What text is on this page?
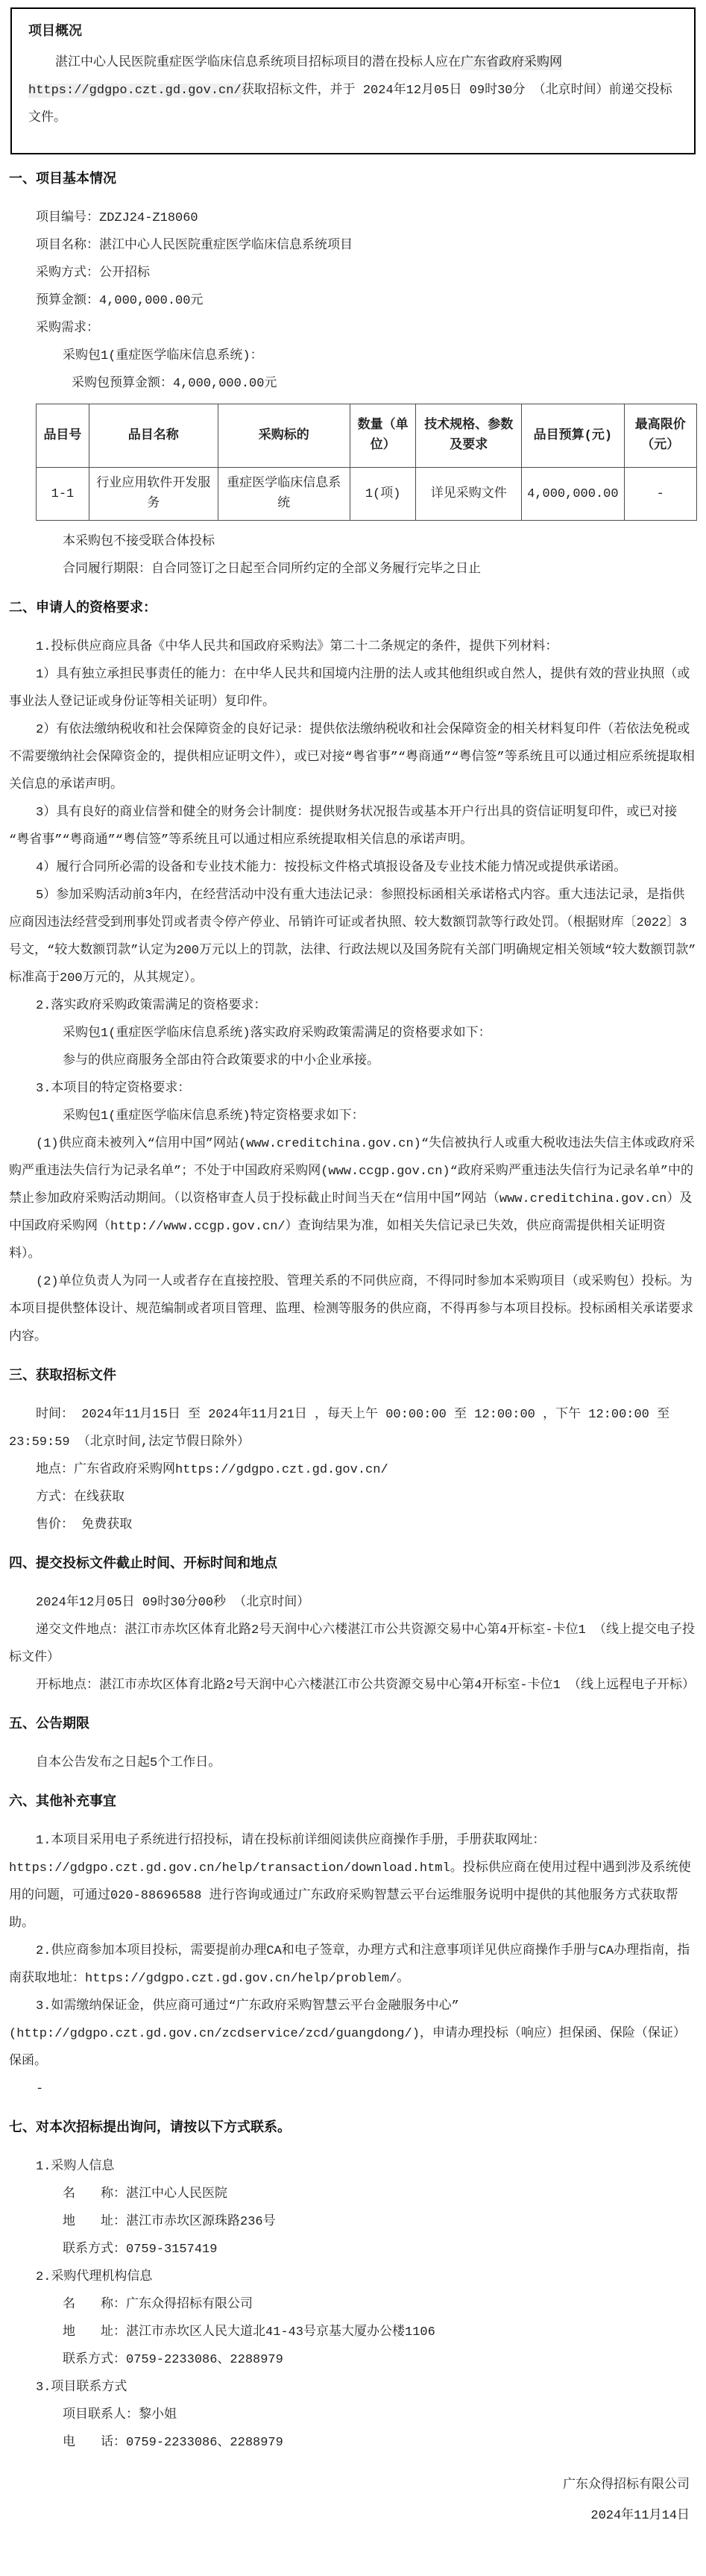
项目概况

湛江中心人民医院重症医学临床信息系统项目招标项目的潜在投标人应在广东省政府采购网https://gdgpo.czt.gd.gov.cn/获取招标文件，并于 2024年12月05日 09时30分 （北京时间）前递交投标文件。

一、项目基本情况

项目编号：ZDZJ24-Z18060

项目名称：湛江中心人民医院重症医学临床信息系统项目

采购方式：公开招标

预算金额：4,000,000.00元

采购需求：

采购包1(重症医学临床信息系统)：

采购包预算金额：4,000,000.00元

品目号	品目名称	采购标的	数量（单位）	技术规格、参数及要求	品目预算(元)	最高限价（元）
1-1	行业应用软件开发服务	重症医学临床信息系统	1(项)	详见采购文件	4,000,000.00	-

本采购包不接受联合体投标

合同履行期限：自合同签订之日起至合同所约定的全部义务履行完毕之日止

二、申请人的资格要求：

1.投标供应商应具备《中华人民共和国政府采购法》第二十二条规定的条件，提供下列材料：

1）具有独立承担民事责任的能力：在中华人民共和国境内注册的法人或其他组织或自然人，提供有效的营业执照（或事业法人登记证或身份证等相关证明）复印件。

2）有依法缴纳税收和社会保障资金的良好记录：提供依法缴纳税收和社会保障资金的相关材料复印件（若依法免税或不需要缴纳社会保障资金的，提供相应证明文件），或已对接“粤省事”“粤商通”“粤信签”等系统且可以通过相应系统提取相关信息的承诺声明。

3）具有良好的商业信誉和健全的财务会计制度：提供财务状况报告或基本开户行出具的资信证明复印件，或已对接“粤省事”“粤商通”“粤信签”等系统且可以通过相应系统提取相关信息的承诺声明。

4）履行合同所必需的设备和专业技术能力：按投标文件格式填报设备及专业技术能力情况或提供承诺函。

5）参加采购活动前3年内，在经营活动中没有重大违法记录：参照投标函相关承诺格式内容。重大违法记录，是指供应商因违法经营受到刑事处罚或者责令停产停业、吊销许可证或者执照、较大数额罚款等行政处罚。（根据财库〔2022〕3号文，“较大数额罚款”认定为200万元以上的罚款，法律、行政法规以及国务院有关部门明确规定相关领域“较大数额罚款”标准高于200万元的，从其规定）。

2.落实政府采购政策需满足的资格要求：

采购包1(重症医学临床信息系统)落实政府采购政策需满足的资格要求如下：

参与的供应商服务全部由符合政策要求的中小企业承接。

3.本项目的特定资格要求：

采购包1(重症医学临床信息系统)特定资格要求如下：

(1)供应商未被列入“信用中国”网站(www.creditchina.gov.cn)“失信被执行人或重大税收违法失信主体或政府采购严重违法失信行为记录名单”；不处于中国政府采购网(www.ccgp.gov.cn)“政府采购严重违法失信行为记录名单”中的禁止参加政府采购活动期间。（以资格审查人员于投标截止时间当天在“信用中国”网站（www.creditchina.gov.cn）及中国政府采购网（http://www.ccgp.gov.cn/）查询结果为准，如相关失信记录已失效，供应商需提供相关证明资料）。

(2)单位负责人为同一人或者存在直接控股、管理关系的不同供应商，不得同时参加本采购项目（或采购包）投标。为本项目提供整体设计、规范编制或者项目管理、监理、检测等服务的供应商，不得再参与本项目投标。投标函相关承诺要求内容。

三、获取招标文件

时间： 2024年11月15日 至 2024年11月21日 ，每天上午 00:00:00 至 12:00:00 ，下午 12:00:00 至 23:59:59 （北京时间,法定节假日除外）

地点：广东省政府采购网https://gdgpo.czt.gd.gov.cn/

方式：在线获取

售价： 免费获取

四、提交投标文件截止时间、开标时间和地点

2024年12月05日 09时30分00秒 （北京时间）

递交文件地点：湛江市赤坎区体育北路2号天润中心六楼湛江市公共资源交易中心第4开标室-卡位1 （线上提交电子投标文件）

开标地点：湛江市赤坎区体育北路2号天润中心六楼湛江市公共资源交易中心第4开标室-卡位1 （线上远程电子开标）

五、公告期限

自本公告发布之日起5个工作日。

六、其他补充事宜

1.本项目采用电子系统进行招投标，请在投标前详细阅读供应商操作手册，手册获取网址：https://gdgpo.czt.gd.gov.cn/help/transaction/download.html。投标供应商在使用过程中遇到涉及系统使用的问题，可通过020-88696588 进行咨询或通过广东政府采购智慧云平台运维服务说明中提供的其他服务方式获取帮助。

2.供应商参加本项目投标，需要提前办理CA和电子签章，办理方式和注意事项详见供应商操作手册与CA办理指南，指南获取地址：https://gdgpo.czt.gd.gov.cn/help/problem/。

3.如需缴纳保证金，供应商可通过“广东政府采购智慧云平台金融服务中心”(http://gdgpo.czt.gd.gov.cn/zcdservice/zcd/guangdong/)，申请办理投标（响应）担保函、保险（保证）保函。

-

七、对本次招标提出询问，请按以下方式联系。

1.采购人信息

名　　称：湛江中心人民医院

地　　址：湛江市赤坎区源珠路236号

联系方式：0759-3157419

2.采购代理机构信息

名　　称：广东众得招标有限公司

地　　址：湛江市赤坎区人民大道北41-43号京基大厦办公楼1106

联系方式：0759-2233086、2288979

3.项目联系方式

项目联系人：黎小姐

电　　话：0759-2233086、2288979

广东众得招标有限公司

2024年11月14日
